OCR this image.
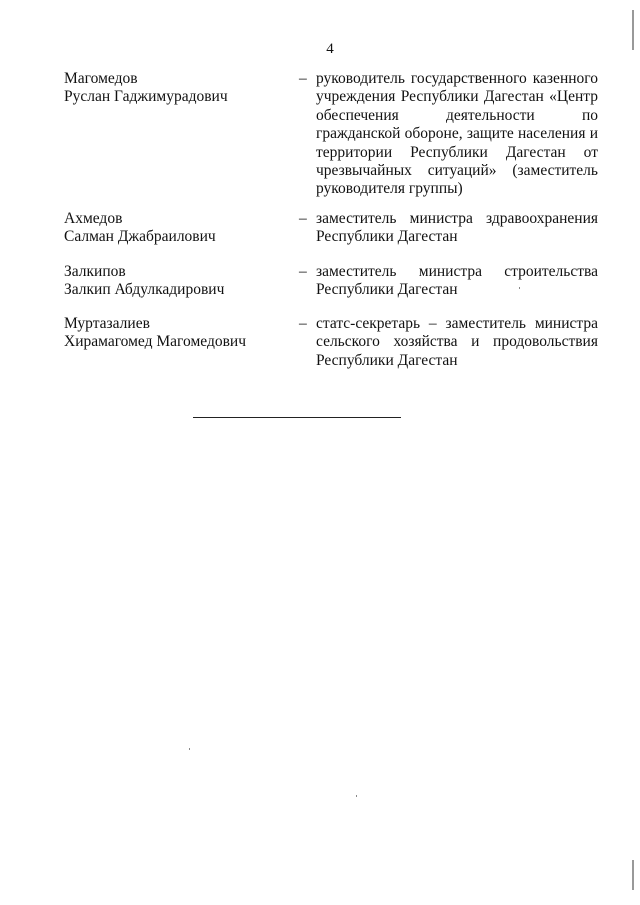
4
Магомедов
Руслан Гаджимурадович
– руководитель государственного казенного учреждения Республики Дагестан «Центр обеспечения деятельности по гражданской обороне, защите населения и территории Республики Дагестан от чрезвычайных ситуаций» (заместитель руководителя группы)
Ахмедов
Салман Джабраилович
– заместитель министра здравоохранения Республики Дагестан
Залкипов
Залкип Абдулкадирович
– заместитель министра строительства Республики Дагестан
Муртазалиев
Хирамагомед Магомедович
– статс-секретарь – заместитель министра сельского хозяйства и продовольствия Республики Дагестан
